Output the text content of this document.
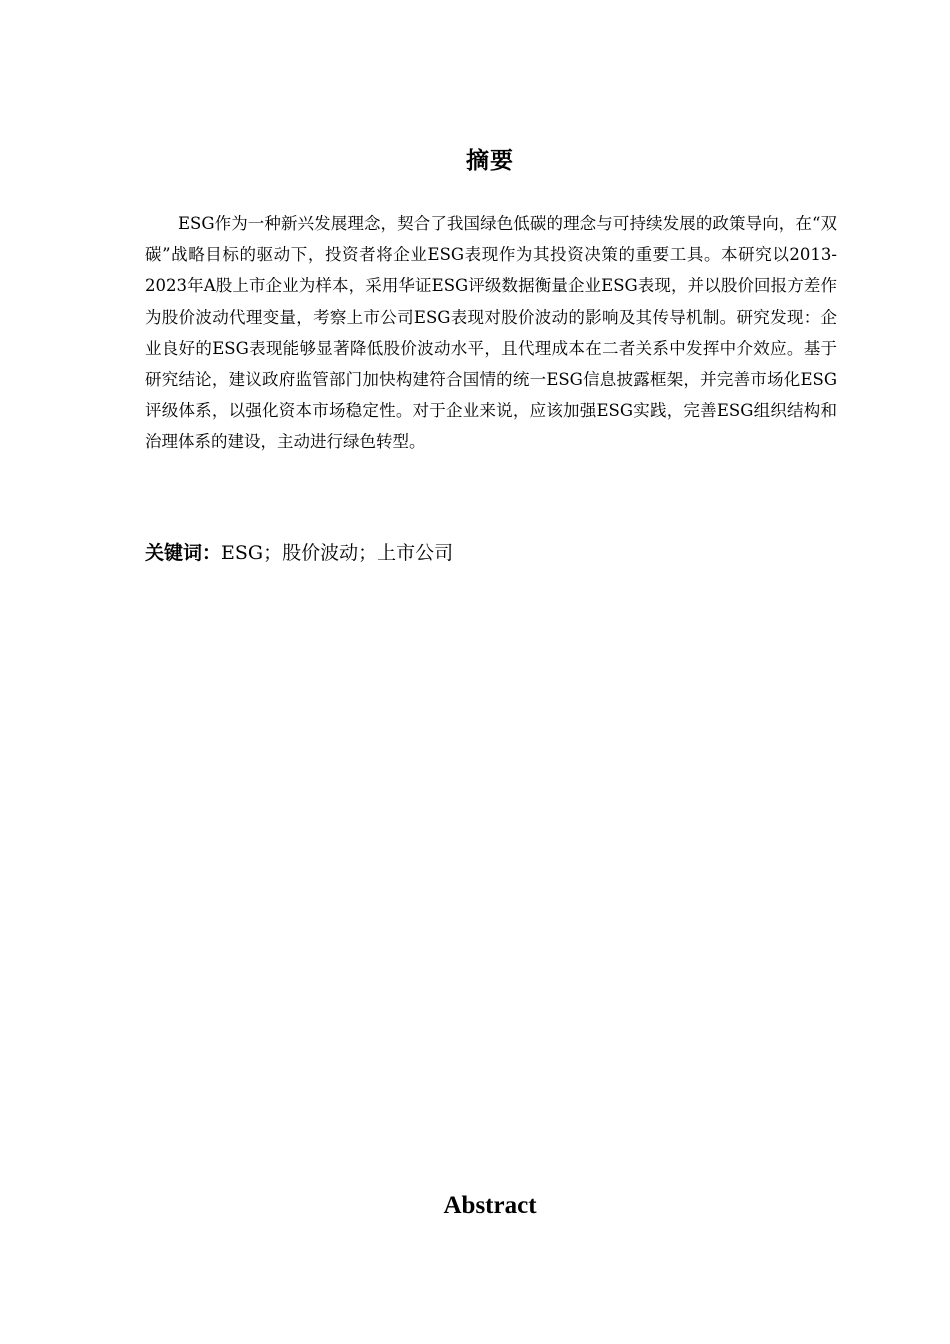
摘要

ESG作为一种新兴发展理念，契合了我国绿色低碳的理念与可持续发展的政策导向，在“双碳”战略目标的驱动下，投资者将企业ESG表现作为其投资决策的重要工具。本研究以2013-2023年A股上市企业为样本，采用华证ESG评级数据衡量企业ESG表现，并以股价回报方差作为股价波动代理变量，考察上市公司ESG表现对股价波动的影响及其传导机制。研究发现：企业良好的ESG表现能够显著降低股价波动水平，且代理成本在二者关系中发挥中介效应。基于研究结论，建议政府监管部门加快构建符合国情的统一ESG信息披露框架，并完善市场化ESG评级体系，以强化资本市场稳定性。对于企业来说，应该加强ESG实践，完善ESG组织结构和治理体系的建设，主动进行绿色转型。

关键词：ESG；股价波动；上市公司
Abstract
